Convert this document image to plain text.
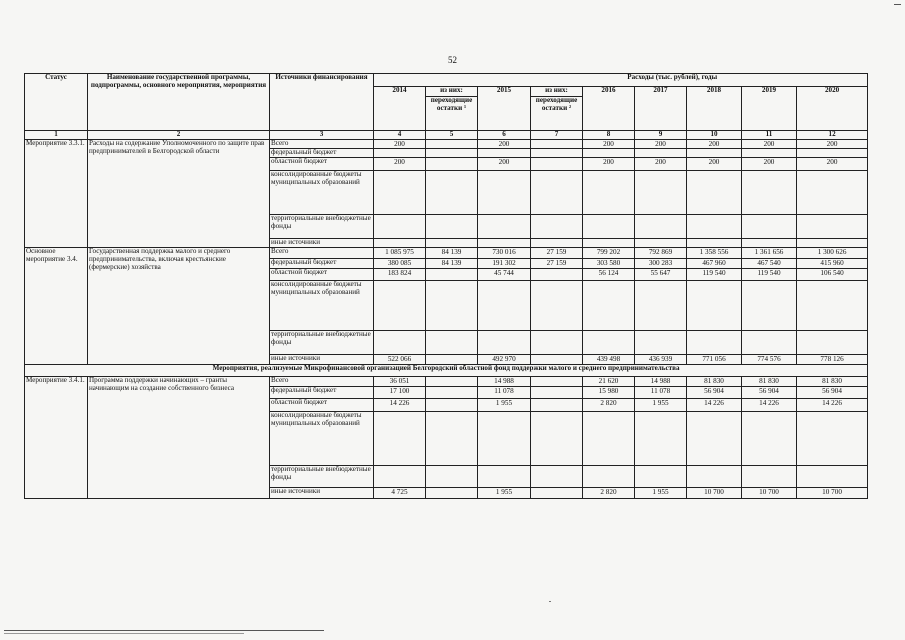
52
Статус	Наименование государственной программы, подпрограммы, основного мероприятия, мероприятия	Источники финансирования	Расходы (тыс. рублей), годы								
			2014	из них:	2015	из них:	2016	2017	2018	2019	2020
				переходящие остатки ¹		переходящие остатки ²					

1	2	3	4	5	6	7	8	9	10	11	12
Мероприятие 3.3.1.	Расходы на содержание Уполномоченного по защите прав предпринимателей в Белгородской области	Всего	200		200		200	200	200	200	200
		федеральный бюджет									
		областной бюджет	200		200		200	200	200	200	200
		консолидированные бюджеты муниципальных образований									
		территориальные внебюджетные фонды									
		иные источники									
Основное мероприятие 3.4.	Государственная поддержка малого и среднего предпринимательства, включая крестьянские (фермерские) хозяйства	Всего	1 085 975	84 139	730 016	27 159	799 202	792 869	1 358 556	1 361 656	1 300 626
		федеральный бюджет	380 085	84 139	191 302	27 159	303 580	300 283	467 960	467 540	415 960
		областной бюджет	183 824		45 744		56 124	55 647	119 540	119 540	106 540
		консолидированные бюджеты муниципальных образований									
		территориальные внебюджетные фонды									
		иные источники	522 066		492 970		439 498	436 939	771 056	774 576	778 126
Мероприятия, реализуемые Микрофинансовой организацией Белгородский областной фонд поддержки малого и среднего предпринимательства											
Мероприятие 3.4.1.	Программа поддержки начинающих – гранты начинающим на создание собственного бизнеса	Всего	36 051		14 988		21 620	14 988	81 830	81 830	81 830
		федеральный бюджет	17 100		11 078		15 980	11 078	56 904	56 904	56 904
		областной бюджет	14 226		1 955		2 820	1 955	14 226	14 226	14 226
		консолидированные бюджеты муниципальных образований									
		территориальные внебюджетные фонды									
		иные источники	4 725		1 955		2 820	1 955	10 700	10 700	10 700
